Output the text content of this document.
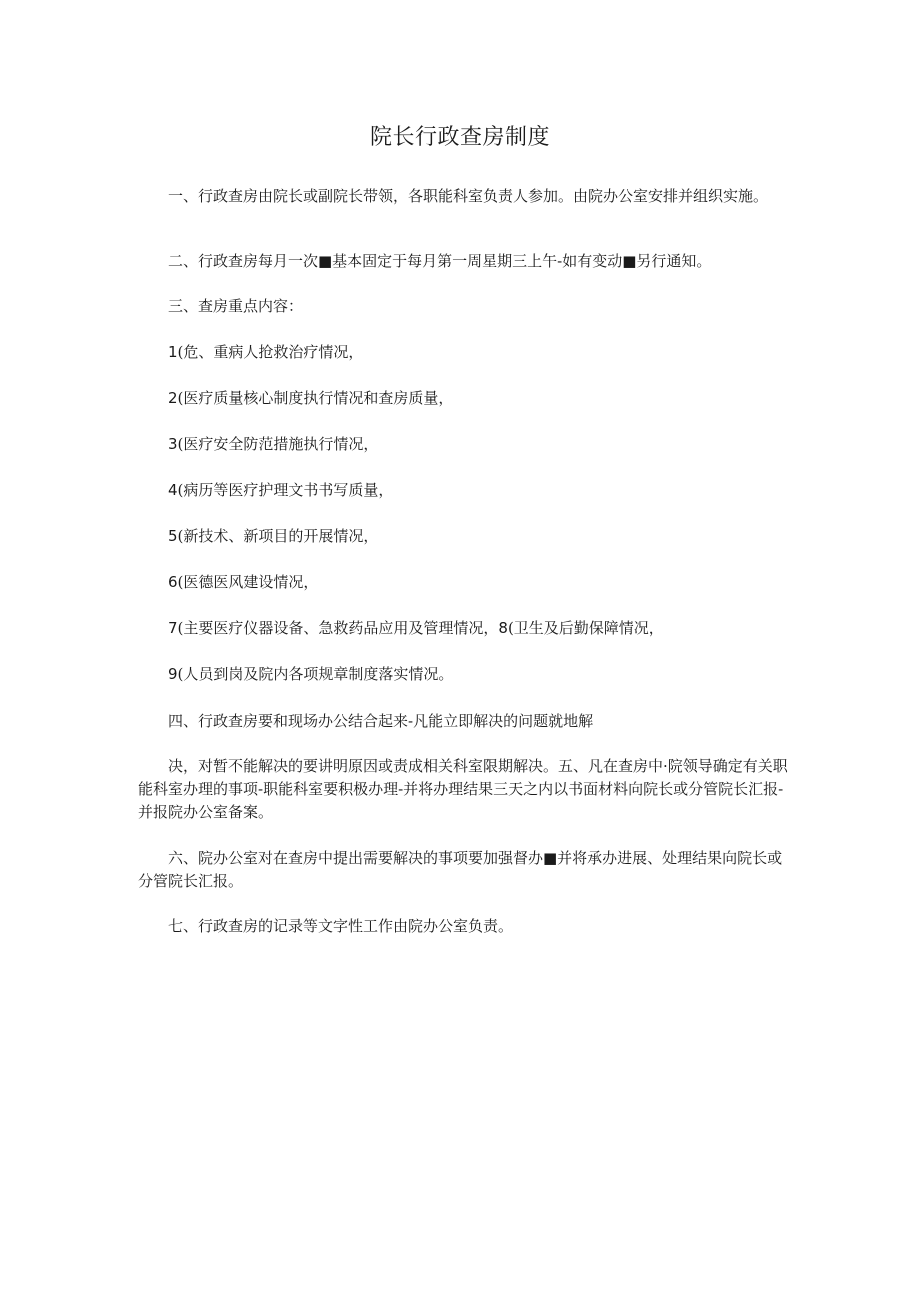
院长行政查房制度

一、行政查房由院长或副院长带领，各职能科室负责人参加。由院办公室安排并组织实施。

二、行政查房每月一次■基本固定于每月第一周星期三上午-如有变动■另行通知。

三、查房重点内容：

1(危、重病人抢救治疗情况，

2(医疗质量核心制度执行情况和查房质量，

3(医疗安全防范措施执行情况，

4(病历等医疗护理文书书写质量，

5(新技术、新项目的开展情况，

6(医德医风建设情况，

7(主要医疗仪器设备、急救药品应用及管理情况，8(卫生及后勤保障情况，

9(人员到岗及院内各项规章制度落实情况。

四、行政查房要和现场办公结合起来-凡能立即解决的问题就地解

决，对暂不能解决的要讲明原因或责成相关科室限期解决。五、凡在查房中·院领导确定有关职能科室办理的事项-职能科室要积极办理-并将办理结果三天之内以书面材料向院长或分管院长汇报-并报院办公室备案。

六、院办公室对在查房中提出需要解决的事项要加强督办■并将承办进展、处理结果向院长或分管院长汇报。

七、行政查房的记录等文字性工作由院办公室负责。
